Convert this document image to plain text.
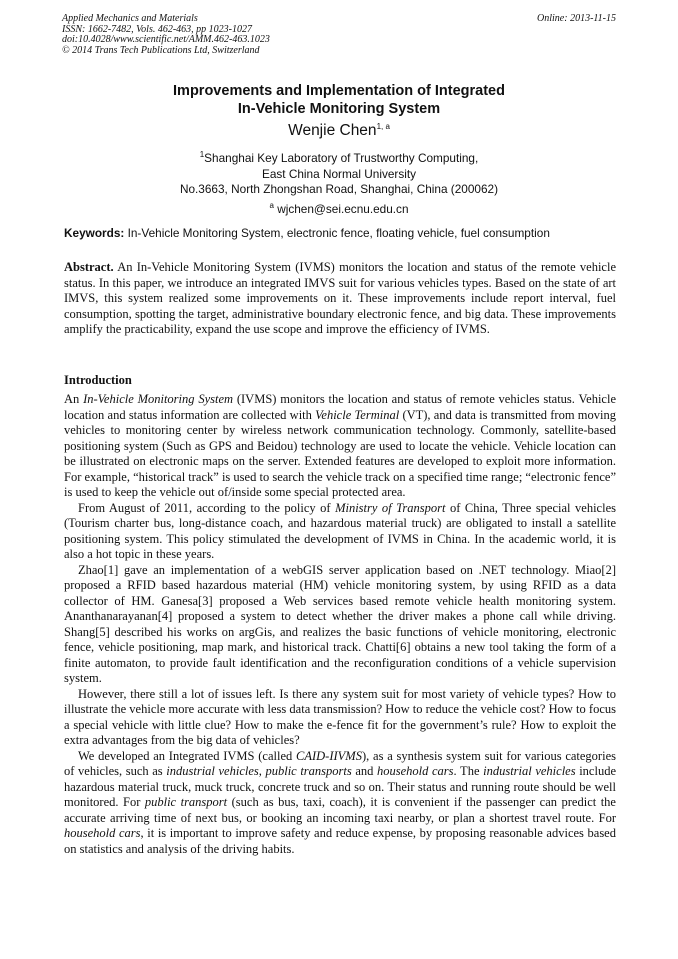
Applied Mechanics and Materials
ISSN: 1662-7482, Vols. 462-463, pp 1023-1027
doi:10.4028/www.scientific.net/AMM.462-463.1023
© 2014 Trans Tech Publications Ltd, Switzerland
Online: 2013-11-15
Improvements and Implementation of Integrated
In-Vehicle Monitoring System
Wenjie Chen$^{1, a}$
$^1$Shanghai Key Laboratory of Trustworthy Computing,
East China Normal University
No.3663, North Zhongshan Road, Shanghai, China (200062)
$^a$ wjchen@sei.ecnu.edu.cn
Keywords: In-Vehicle Monitoring System, electronic fence, floating vehicle, fuel consumption

Abstract. An In-Vehicle Monitoring System (IVMS) monitors the location and status of the remote vehicle status. In this paper, we introduce an integrated IMVS suit for various vehicles types. Based on the state of art IMVS, this system realized some improvements on it. These improvements include report interval, fuel consumption, spotting the target, administrative boundary electronic fence, and big data. These improvements amplify the practicability, expand the use scope and improve the efficiency of IVMS.

Introduction

An In-Vehicle Monitoring System (IVMS) monitors the location and status of remote vehicles status. Vehicle location and status information are collected with Vehicle Terminal (VT), and data is transmitted from moving vehicles to monitoring center by wireless network communication technology. Commonly, satellite-based positioning system (Such as GPS and Beidou) technology are used to locate the vehicle. Vehicle location can be illustrated on electronic maps on the server. Extended features are developed to exploit more information. For example, “historical track” is used to search the vehicle track on a specified time range; “electronic fence” is used to keep the vehicle out of/inside some special protected area.

From August of 2011, according to the policy of Ministry of Transport of China, Three special vehicles (Tourism charter bus, long-distance coach, and hazardous material truck) are obligated to install a satellite positioning system. This policy stimulated the development of IVMS in China. In the academic world, it is also a hot topic in these years.

Zhao[1] gave an implementation of a webGIS server application based on .NET technology. Miao[2] proposed a RFID based hazardous material (HM) vehicle monitoring system, by using RFID as a data collector of HM. Ganesa[3] proposed a Web services based remote vehicle health monitoring system. Ananthanarayanan[4] proposed a system to detect whether the driver makes a phone call while driving. Shang[5] described his works on argGis, and realizes the basic functions of vehicle monitoring, electronic fence, vehicle positioning, map mark, and historical track. Chatti[6] obtains a new tool taking the form of a finite automaton, to provide fault identification and the reconfiguration conditions of a vehicle supervision system.

However, there still a lot of issues left. Is there any system suit for most variety of vehicle types? How to illustrate the vehicle more accurate with less data transmission? How to reduce the vehicle cost? How to focus a special vehicle with little clue? How to make the e-fence fit for the government’s rule? How to exploit the extra advantages from the big data of vehicles?

We developed an Integrated IVMS (called CAID-IIVMS), as a synthesis system suit for various categories of vehicles, such as industrial vehicles, public transports and household cars. The industrial vehicles include hazardous material truck, muck truck, concrete truck and so on. Their status and running route should be well monitored. For public transport (such as bus, taxi, coach), it is convenient if the passenger can predict the accurate arriving time of next bus, or booking an incoming taxi nearby, or plan a shortest travel route. For household cars, it is important to improve safety and reduce expense, by proposing reasonable advices based on statistics and analysis of the driving habits.
